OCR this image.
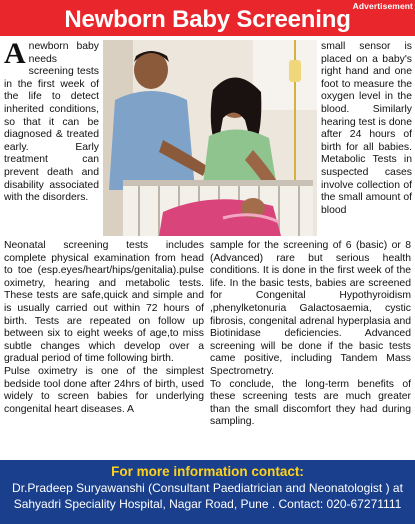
Advertisement
Newborn Baby Screening

Anewborn baby needs screening tests in the first week of the life to detect inherited conditions, so that it can be diagnosed & treated early. Early treatment can prevent death and disability associated with the disorders.

small sensor is placed on a baby's right hand and one foot to measure the oxygen level in the blood. Similarly hearing test is done after 24 hours of birth for all babies. Metabolic Tests in suspected cases involve collection of the small amount of blood

Neonatal screening tests includes complete physical examination from head to toe (esp.eyes/heart/hips/genitalia).pulse oximetry, hearing and metabolic tests. These tests are safe,quick and simple and is usually carried out within 72 hours of birth. Tests are repeated on follow up between six to eight weeks of age,to miss subtle changes which develop over a gradual period of time following birth.

Pulse oximetry is one of the simplest bedside tool done after 24hrs of birth, used widely to screen babies for underlying congenital heart diseases. A

sample for the screening of 6 (basic) or 8 (Advanced) rare but serious health conditions. It is done in the first week of the life. In the basic tests, babies are screened for Congenital Hypothyroidism ,phenylketonuria Galactosaemia, cystic fibrosis, congenital adrenal hyperplasia and Biotinidase deficiencies. Advanced screening will be done if the basic tests came positive, including Tandem Mass Spectrometry.

To conclude, the long-term benefits of these screening tests are much greater than the small discomfort they had during sampling.

For more information contact:
Dr.Pradeep Suryawanshi (Consultant Paediatrician and Neonatologist ) at Sahyadri Speciality Hospital, Nagar Road, Pune . Contact: 020-67271111
